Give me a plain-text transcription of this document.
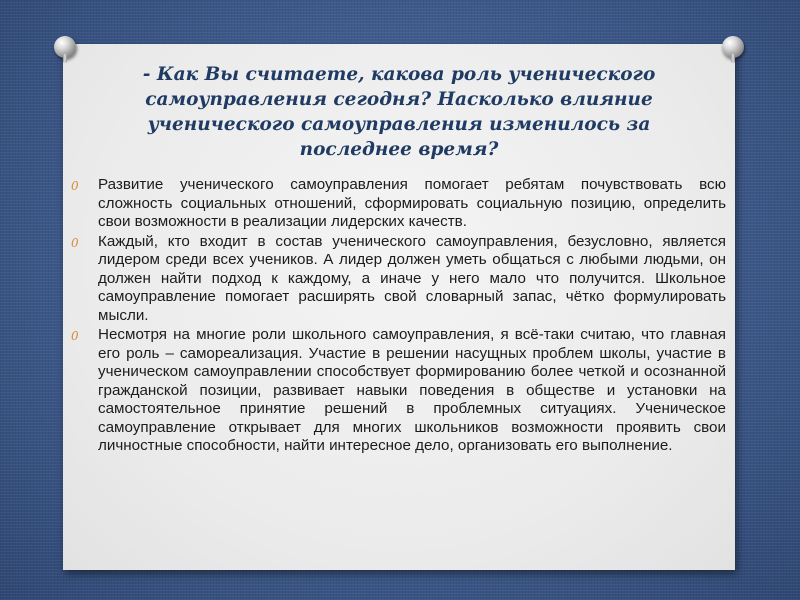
- Как Вы считаете, какова роль ученического самоуправления сегодня? Насколько влияние ученического самоуправления изменилось за последнее время?
0 Развитие ученического самоуправления помогает ребятам почувствовать всю сложность социальных отношений, сформировать социальную позицию, определить свои возможности в реализации лидерских качеств.
0 Каждый, кто входит в состав ученического самоуправления, безусловно, является лидером среди всех учеников. А лидер должен уметь общаться с любыми людьми, он должен найти подход к каждому, а иначе у него мало что получится. Школьное самоуправление помогает расширять свой словарный запас, чётко формулировать мысли.
0 Несмотря на многие роли школьного самоуправления, я всё-таки считаю, что главная его роль – самореализация. Участие в решении насущных проблем школы, участие в ученическом самоуправлении способствует формированию более четкой и осознанной гражданской позиции, развивает навыки поведения в обществе и установки на самостоятельное принятие решений в проблемных ситуациях. Ученическое самоуправление открывает для многих школьников возможности проявить свои личностные способности, найти интересное дело, организовать его выполнение.
